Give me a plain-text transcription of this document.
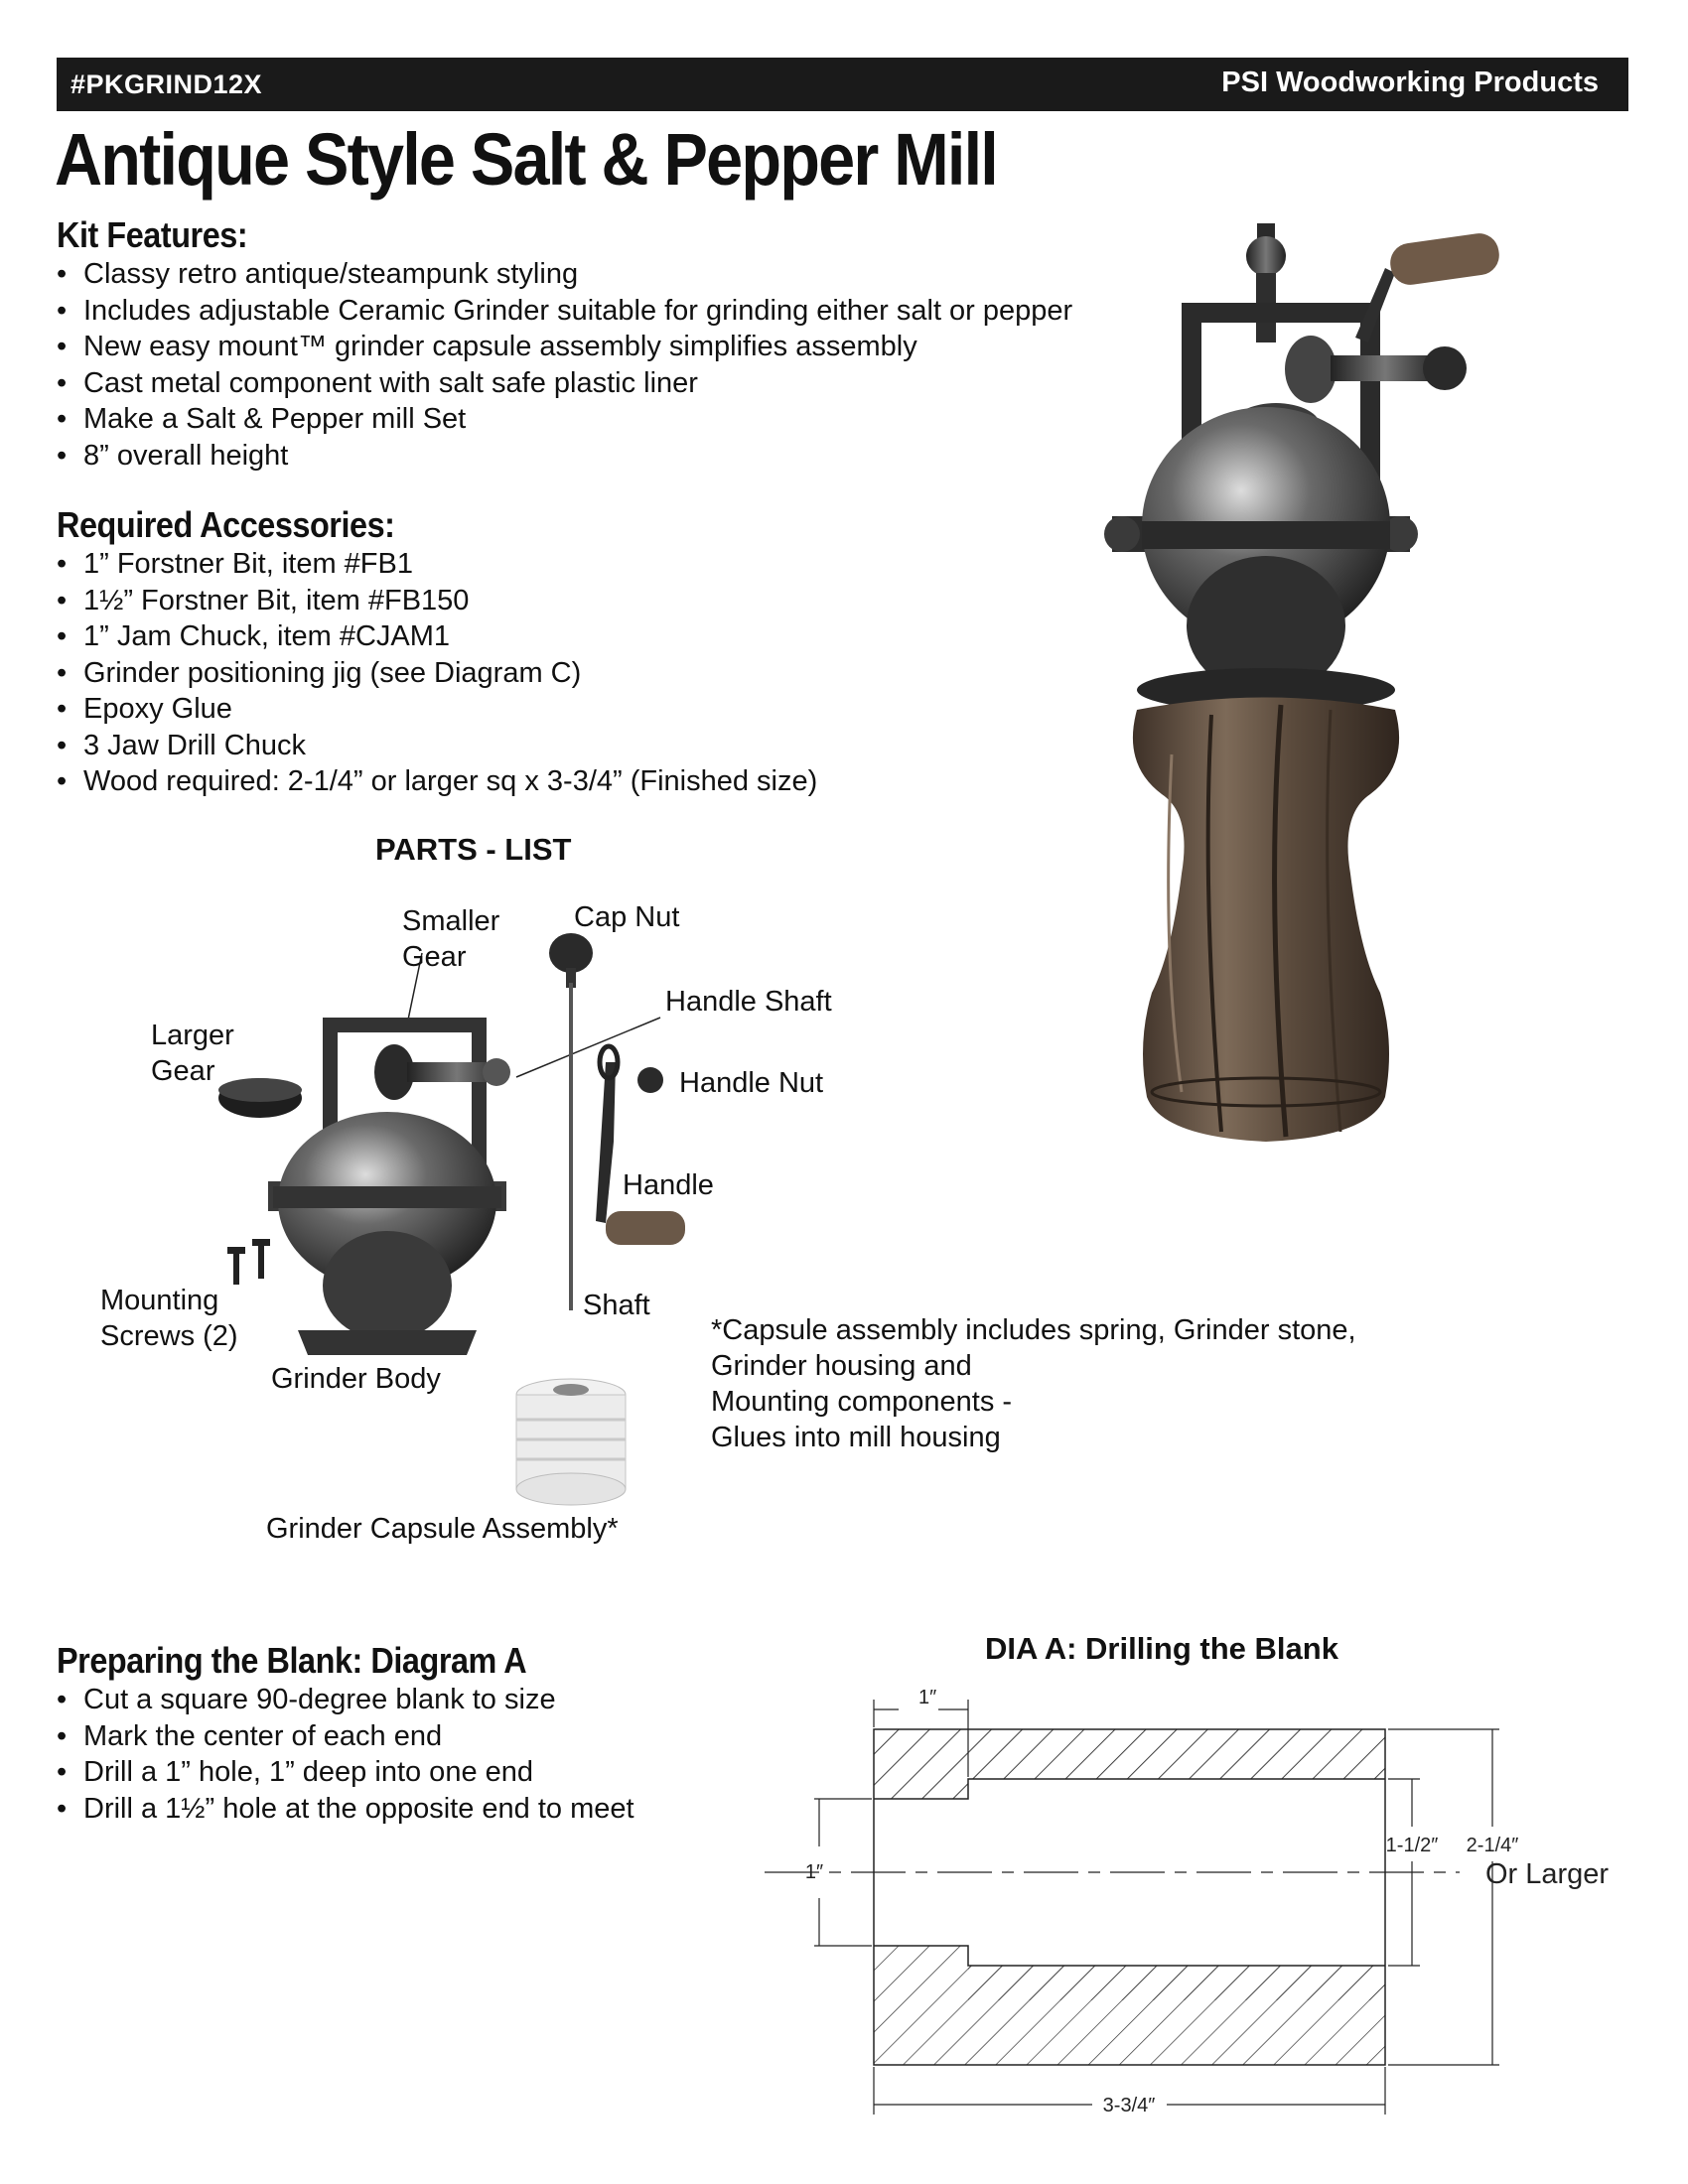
#PKGRIND12X	PSI Woodworking Products
Antique Style Salt & Pepper Mill
Kit Features:
• Classy retro antique/steampunk styling
• Includes adjustable Ceramic Grinder suitable for grinding either salt or pepper
• New easy mount™ grinder capsule assembly simplifies assembly
• Cast metal component with salt safe plastic liner
• Make a Salt & Pepper mill Set
• 8” overall height
Required Accessories:
• 1” Forstner Bit, item #FB1
• 1½” Forstner Bit, item #FB150
• 1” Jam Chuck, item #CJAM1
• Grinder positioning jig (see Diagram C)
• Epoxy Glue
• 3 Jaw Drill Chuck
• Wood required: 2-1/4” or larger sq x 3-3/4” (Finished size)
PARTS - LIST
Smaller
Gear
Cap Nut
Handle Shaft
Larger
Gear	Handle Nut
Handle
Mounting
Screws (2)
Shaft
Grinder Body
Grinder Capsule Assembly*
*Capsule assembly includes spring, Grinder stone,
Grinder housing and
Mounting components -
Glues into mill housing
Preparing the Blank: Diagram A
• Cut a square 90-degree blank to size
• Mark the center of each end
• Drill a 1” hole, 1” deep into one end
• Drill a 1½” hole at the opposite end to meet
DIA A: Drilling the Blank
1″
1″
1-1/2″ 2-1/4″
Or Larger
3-3/4″
